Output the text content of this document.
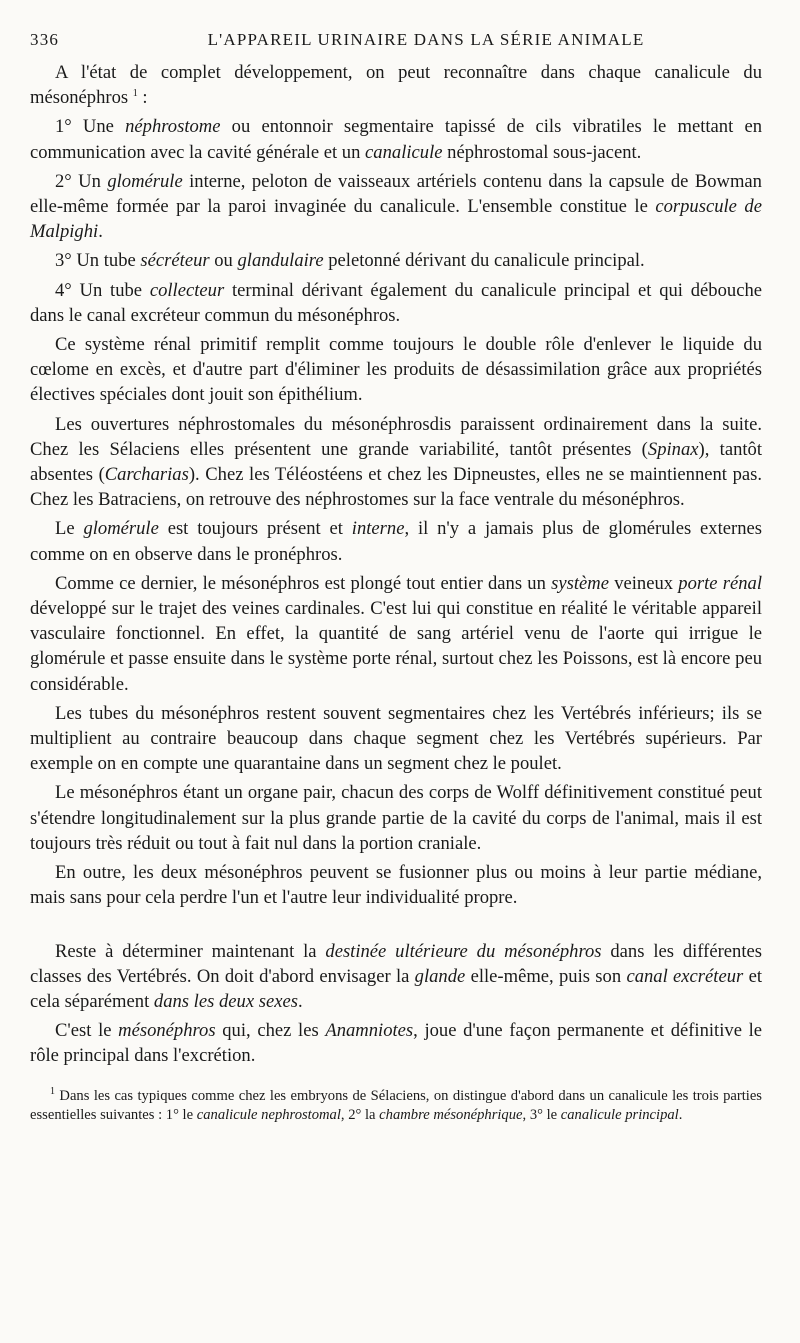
336	L'APPAREIL URINAIRE DANS LA SÉRIE ANIMALE

A l'état de complet développement, on peut reconnaître dans chaque canalicule du mésonéphros $^1$ :

1° Une néphrostome ou entonnoir segmentaire tapissé de cils vibratiles le mettant en communication avec la cavité générale et un canalicule néphrostomal sous-jacent.

2° Un glomérule interne, peloton de vaisseaux artériels contenu dans la capsule de Bowman elle-même formée par la paroi invaginée du canalicule. L'ensemble constitue le corpuscule de Malpighi.

3° Un tube sécréteur ou glandulaire peletonné dérivant du canalicule principal.

4° Un tube collecteur terminal dérivant également du canalicule principal et qui débouche dans le canal excréteur commun du mésonéphros.

Ce système rénal primitif remplit comme toujours le double rôle d'enlever le liquide du cœlome en excès, et d'autre part d'éliminer les produits de désassimilation grâce aux propriétés électives spéciales dont jouit son épithélium.

Les ouvertures néphrostomales du mésonéphrosdis paraissent ordinairement dans la suite. Chez les Sélaciens elles présentent une grande variabilité, tantôt présentes (Spinax), tantôt absentes (Carcharias). Chez les Téléostéens et chez les Dipneustes, elles ne se maintiennent pas. Chez les Batraciens, on retrouve des néphrostomes sur la face ventrale du mésonéphros.

Le glomérule est toujours présent et interne, il n'y a jamais plus de glomérules externes comme on en observe dans le pronéphros.

Comme ce dernier, le mésonéphros est plongé tout entier dans un système veineux porte rénal développé sur le trajet des veines cardinales. C'est lui qui constitue en réalité le véritable appareil vasculaire fonctionnel. En effet, la quantité de sang artériel venu de l'aorte qui irrigue le glomérule et passe ensuite dans le système porte rénal, surtout chez les Poissons, est là encore peu considérable.

Les tubes du mésonéphros restent souvent segmentaires chez les Vertébrés inférieurs; ils se multiplient au contraire beaucoup dans chaque segment chez les Vertébrés supérieurs. Par exemple on en compte une quarantaine dans un segment chez le poulet.

Le mésonéphros étant un organe pair, chacun des corps de Wolff définitivement constitué peut s'étendre longitudinalement sur la plus grande partie de la cavité du corps de l'animal, mais il est toujours très réduit ou tout à fait nul dans la portion craniale.

En outre, les deux mésonéphros peuvent se fusionner plus ou moins à leur partie médiane, mais sans pour cela perdre l'un et l'autre leur individualité propre.

Reste à déterminer maintenant la destinée ultérieure du mésonéphros dans les différentes classes des Vertébrés. On doit d'abord envisager la glande elle-même, puis son canal excréteur et cela séparément dans les deux sexes.

C'est le mésonéphros qui, chez les Anamniotes, joue d'une façon permanente et définitive le rôle principal dans l'excrétion.

$^1$ Dans les cas typiques comme chez les embryons de Sélaciens, on distingue d'abord dans un canalicule les trois parties essentielles suivantes : 1° le canalicule nephrostomal, 2° la chambre mésonéphrique, 3° le canalicule principal.
